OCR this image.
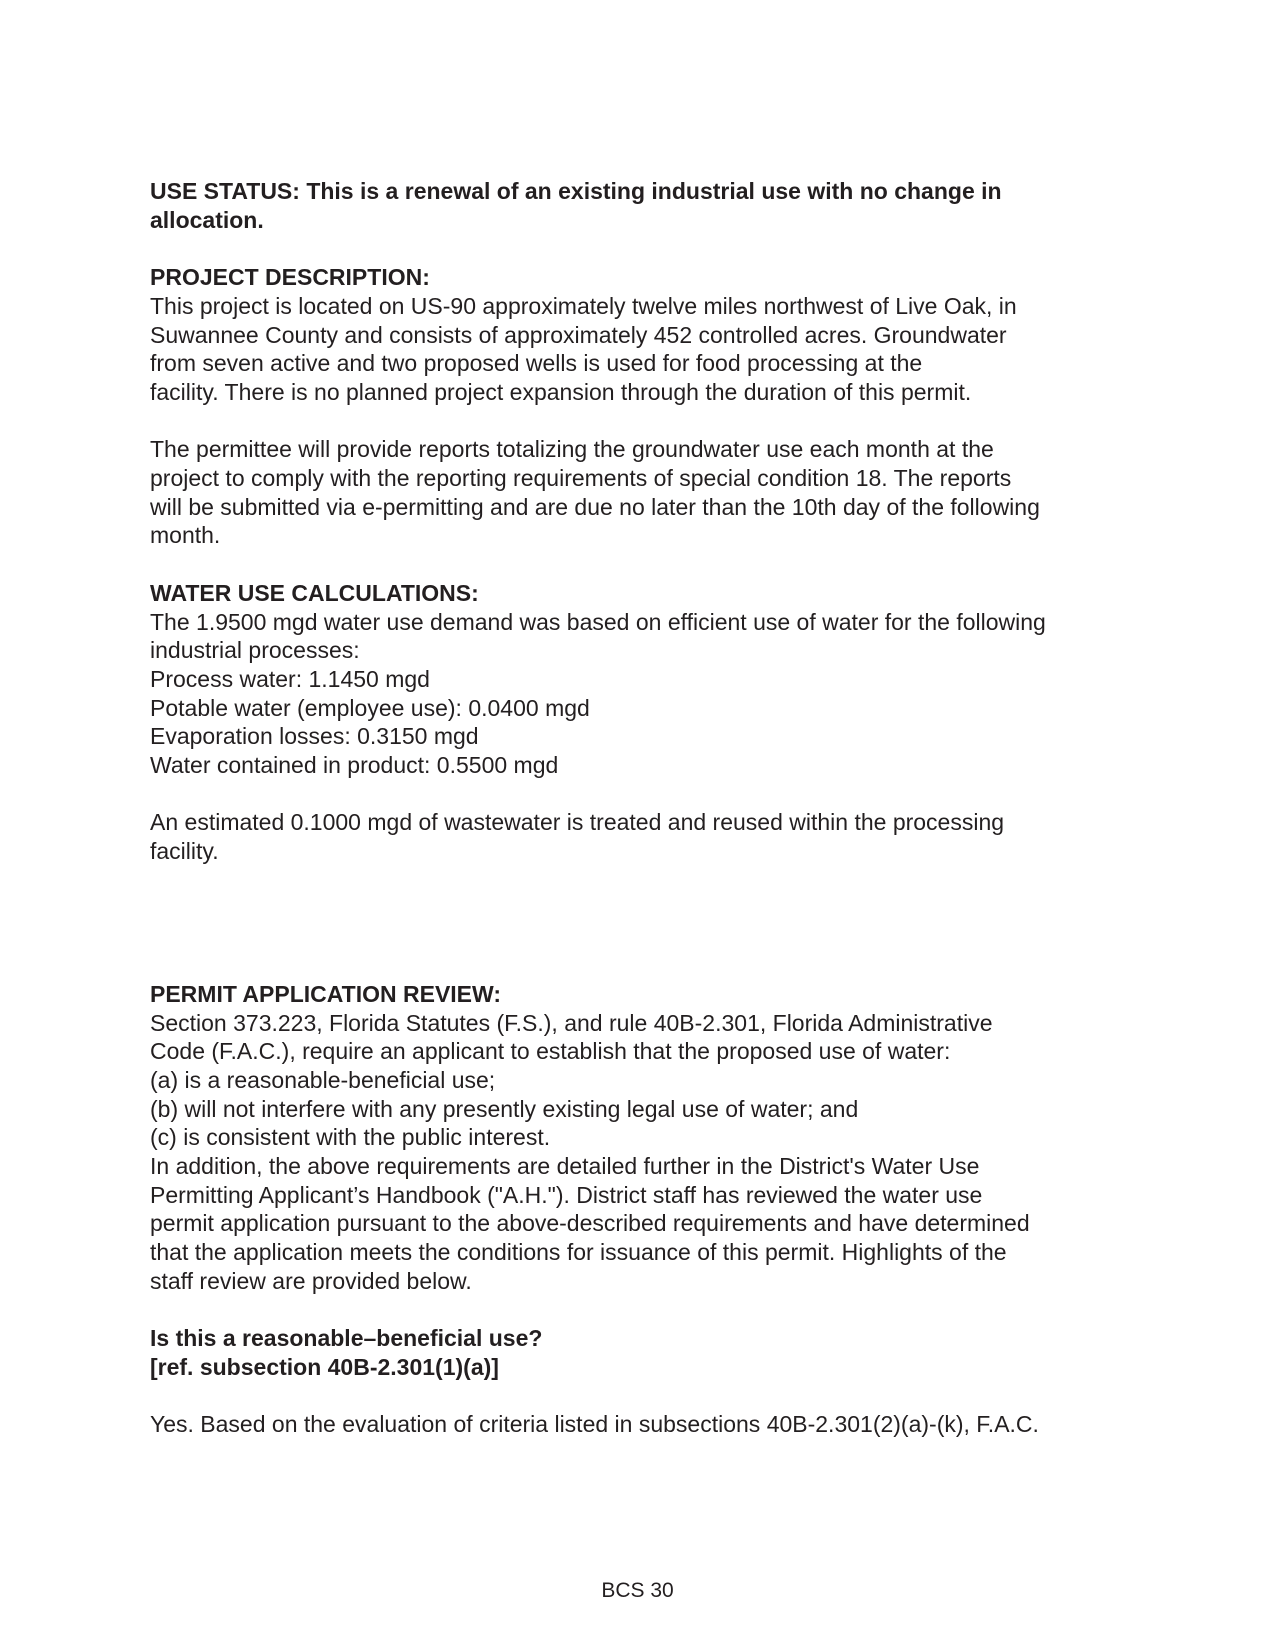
USE STATUS: This is a renewal of an existing industrial use with no change in
allocation.
PROJECT DESCRIPTION:
This project is located on US-90 approximately twelve miles northwest of Live Oak, in
Suwannee County and consists of approximately 452 controlled acres. Groundwater
from seven active and two proposed wells is used for food processing at the
facility. There is no planned project expansion through the duration of this permit.
The permittee will provide reports totalizing the groundwater use each month at the
project to comply with the reporting requirements of special condition 18. The reports
will be submitted via e-permitting and are due no later than the 10th day of the following
month.
WATER USE CALCULATIONS:
The 1.9500 mgd water use demand was based on efficient use of water for the following
industrial processes:
Process water: 1.1450 mgd
Potable water (employee use): 0.0400 mgd
Evaporation losses: 0.3150 mgd
Water contained in product: 0.5500 mgd
An estimated 0.1000 mgd of wastewater is treated and reused within the processing
facility.
PERMIT APPLICATION REVIEW:
Section 373.223, Florida Statutes (F.S.), and rule 40B-2.301, Florida Administrative
Code (F.A.C.), require an applicant to establish that the proposed use of water:
(a) is a reasonable-beneficial use;
(b) will not interfere with any presently existing legal use of water; and
(c) is consistent with the public interest.
In addition, the above requirements are detailed further in the District's Water Use
Permitting Applicant’s Handbook ("A.H."). District staff has reviewed the water use
permit application pursuant to the above-described requirements and have determined
that the application meets the conditions for issuance of this permit. Highlights of the
staff review are provided below.
Is this a reasonable–beneficial use?
[ref. subsection 40B-2.301(1)(a)]
Yes. Based on the evaluation of criteria listed in subsections 40B-2.301(2)(a)-(k), F.A.C.
BCS 30
